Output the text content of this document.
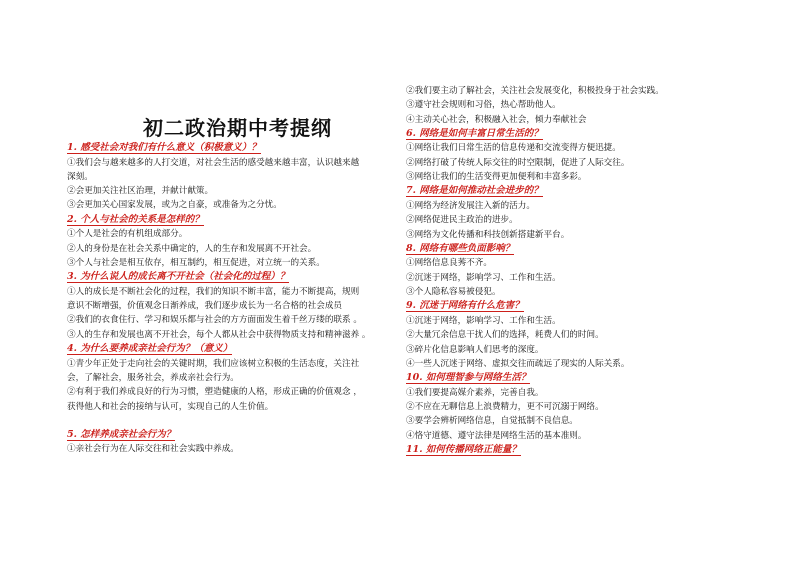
初二政治期中考提纲
1. 感受社会对我们有什么意义（积极意义）？
①我们会与越来越多的人打交道，对社会生活的感受越来越丰富，认识越来越
深刻。
②会更加关注社区治理，并献计献策。
③会更加关心国家发展，或为之自豪，或准备为之分忧。
2. 个人与社会的关系是怎样的？
①个人是社会的有机组成部分。
②人的身份是在社会关系中确定的，人的生存和发展离不开社会。
③个人与社会是相互依存，相互制约，相互促进，对立统一的关系。
3. 为什么说人的成长离不开社会（社会化的过程）？
①人的成长是不断社会化的过程，我们的知识不断丰富，能力不断提高，规则
意识不断增强，价值观念日渐养成，我们逐步成长为一名合格的社会成员
②我们的衣食住行、学习和娱乐都与社会的方方面面发生着千丝万缕的联系 。
③人的生存和发展也离不开社会，每个人都从社会中获得物质支持和精神滋养 。
4. 为什么要养成亲社会行为？（意义）
①青少年正处于走向社会的关键时期，我们应该树立积极的生活态度，关注社
会，了解社会，服务社会，养成亲社会行为。
②有利于我们养成良好的行为习惯，塑造健康的人格，形成正确的价值观念 ，
获得他人和社会的接纳与认可，实现自己的人生价值。
5. 怎样养成亲社会行为？
①亲社会行为在人际交往和社会实践中养成。
②我们要主动了解社会，关注社会发展变化，积极投身于社会实践。
③遵守社会规则和习俗，热心帮助他人。
④主动关心社会，积极融入社会，倾力奉献社会
6. 网络是如何丰富日常生活的？
①网络让我们日常生活的信息传递和交流变得方便迅捷。
②网络打破了传统人际交往的时空限制，促进了人际交往。
③网络让我们的生活变得更加便利和丰富多彩。
7. 网络是如何推动社会进步的？
①网络为经济发展注入新的活力。
②网络促进民主政治的进步。
③网络为文化传播和科技创新搭建新平台。
8. 网络有哪些负面影响？
①网络信息良莠不齐。
②沉迷于网络，影响学习、工作和生活。
③个人隐私容易被侵犯。
9. 沉迷于网络有什么危害？
①沉迷于网络，影响学习、工作和生活。
②大量冗余信息干扰人们的选择，耗费人们的时间。
③碎片化信息影响人们思考的深度。
④一些人沉迷于网络、虚拟交往而疏远了现实的人际关系。
10. 如何理智参与网络生活？
①我们要提高媒介素养，完善自我。
②不应在无聊信息上浪费精力，更不可沉溺于网络。
③要学会辨析网络信息，自觉抵制不良信息。
④恪守道德、遵守法律是网络生活的基本准则。
11. 如何传播网络正能量？
